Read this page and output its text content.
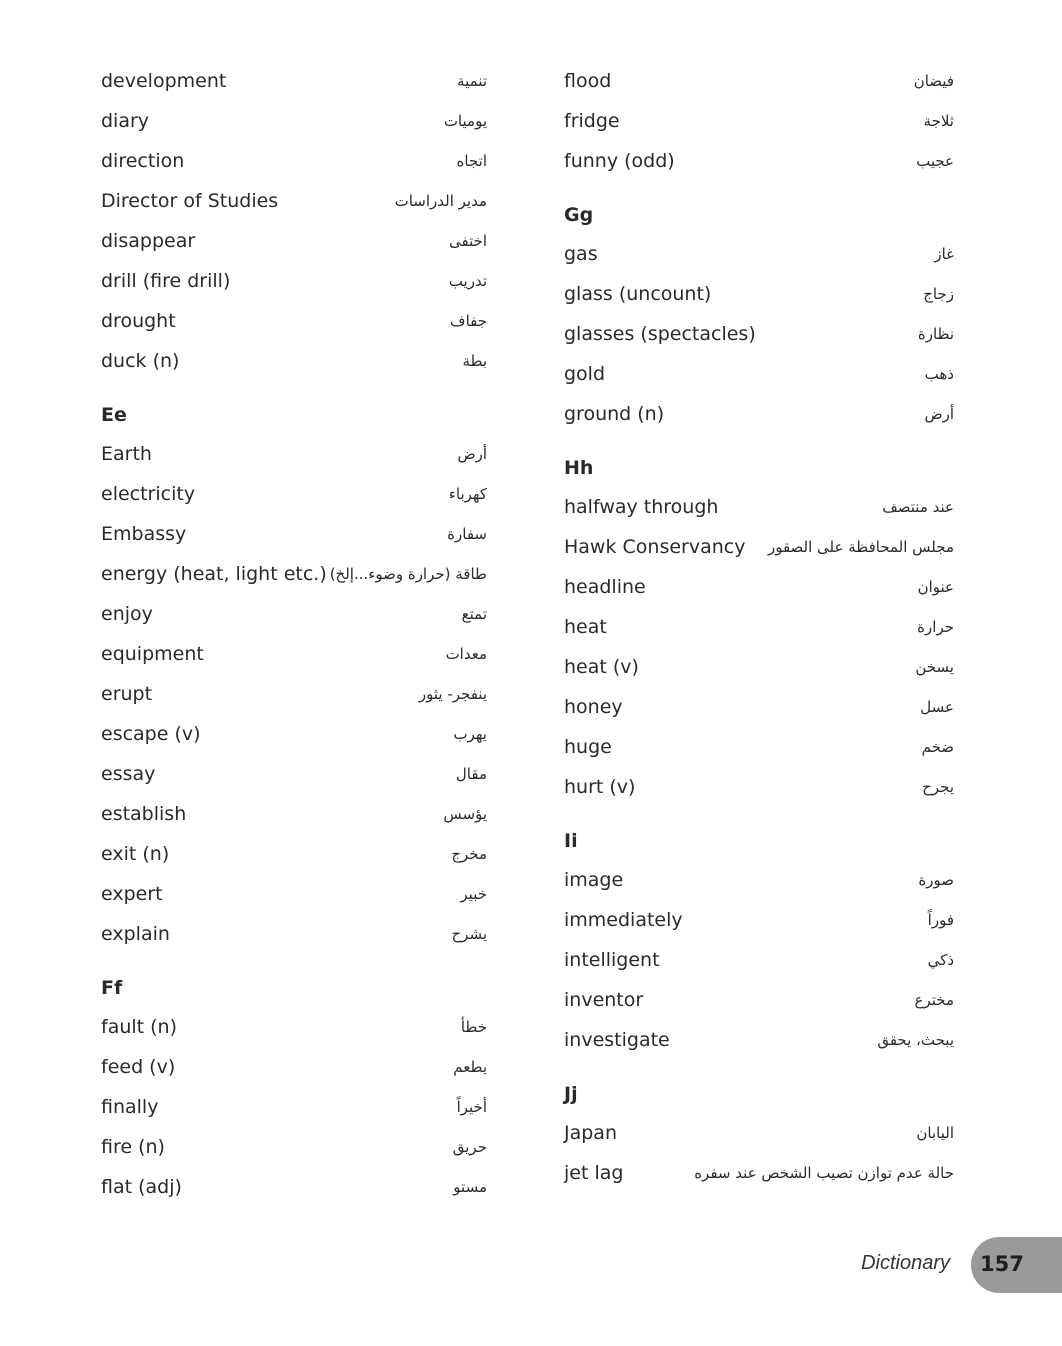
development	تنمية
diary	يوميات
direction	اتجاه
Director of Studies	مدير الدراسات
disappear	اختفى
drill (fire drill)	تدريب
drought	جفاف
duck (n)	بطة
Ee
Earth	أرض
electricity	كهرباء
Embassy	سفارة
energy (heat, light etc.) طاقة (حرارة وضوء...إلخ)
enjoy	تمتع
equipment	معدات
erupt	ينفجر- يثور
escape (v)	يهرب
essay	مقال
establish	يؤسس
exit (n)	مخرج
expert	خبير
explain	يشرح
Ff
fault (n)	خطأ
feed (v)	يطعم
finally	أخيراً
fire (n)	حريق
flat (adj)	مستو
flood	فيضان
fridge	ثلاجة
funny (odd)	عجيب
Gg
gas	غاز
glass (uncount)	زجاج
glasses (spectacles)	نظارة
gold	ذهب
ground (n)	أرض
Hh
halfway through	عند منتصف
Hawk Conservancy مجلس المحافظة على الصقور
headline	عنوان
heat	حرارة
heat (v)	يسخن
honey	عسل
huge	ضخم
hurt (v)	يجرح
Ii
image	صورة
immediately	فوراً
intelligent	ذكي
inventor	مخترع
investigate	يبحث، يحقق
Jj
Japan	اليابان
jet lag	حالة عدم توازن تصيب الشخص عند سفره
Dictionary 157
